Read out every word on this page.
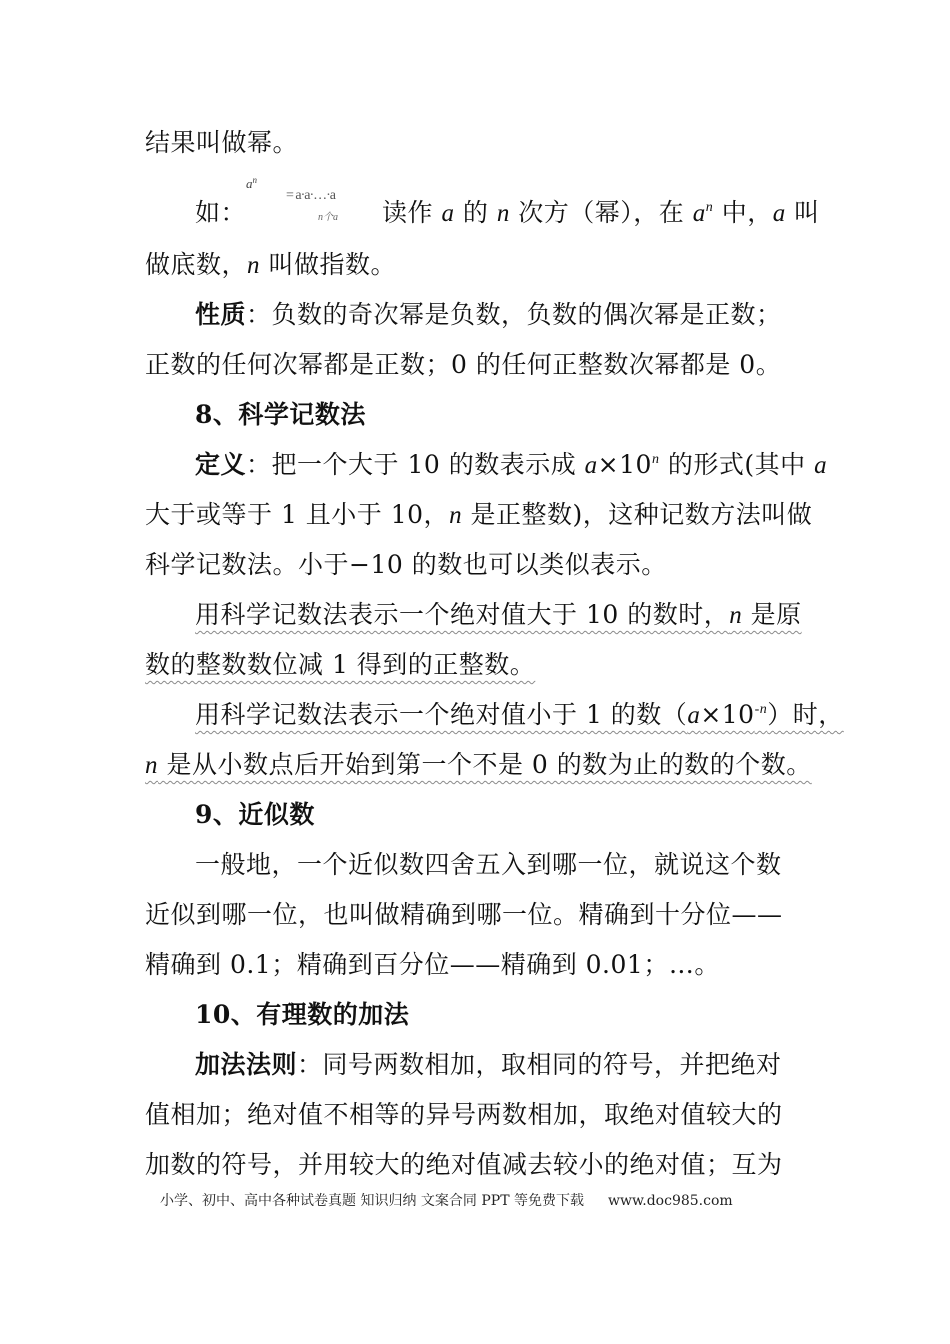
结果叫做幂。
$a^n$
= a·a·…·a
n个a
如：	读作 a 的 n 次方（幂），在 $a^n$ 中，a 叫
做底数，n 叫做指数。
性质：负数的奇次幂是负数，负数的偶次幂是正数；
正数的任何次幂都是正数；0 的任何正整数次幂都是 0。
8、科学记数法
定义：把一个大于 10 的数表示成 $a\times 10^n$ 的形式(其中 a
大于或等于 1 且小于 10，n 是正整数)，这种记数方法叫做
科学记数法。小于−10 的数也可以类似表示。
用科学记数法表示一个绝对值大于 10 的数时，n 是原
数的整数数位减 1 得到的正整数。
用科学记数法表示一个绝对值小于 1 的数$(a\times 10^{-n})$时，
n 是从小数点后开始到第一个不是 0 的数为止的数的个数。
9、近似数
一般地，一个近似数四舍五入到哪一位，就说这个数
近似到哪一位，也叫做精确到哪一位。精确到十分位——
精确到 0.1；精确到百分位——精确到 0.01；…。
10、有理数的加法
加法法则：同号两数相加，取相同的符号，并把绝对
值相加；绝对值不相等的异号两数相加，取绝对值较大的
加数的符号，并用较大的绝对值减去较小的绝对值；互为
小学、初中、高中各种试卷真题 知识归纳 文案合同 PPT 等免费下载 www.doc985.com
